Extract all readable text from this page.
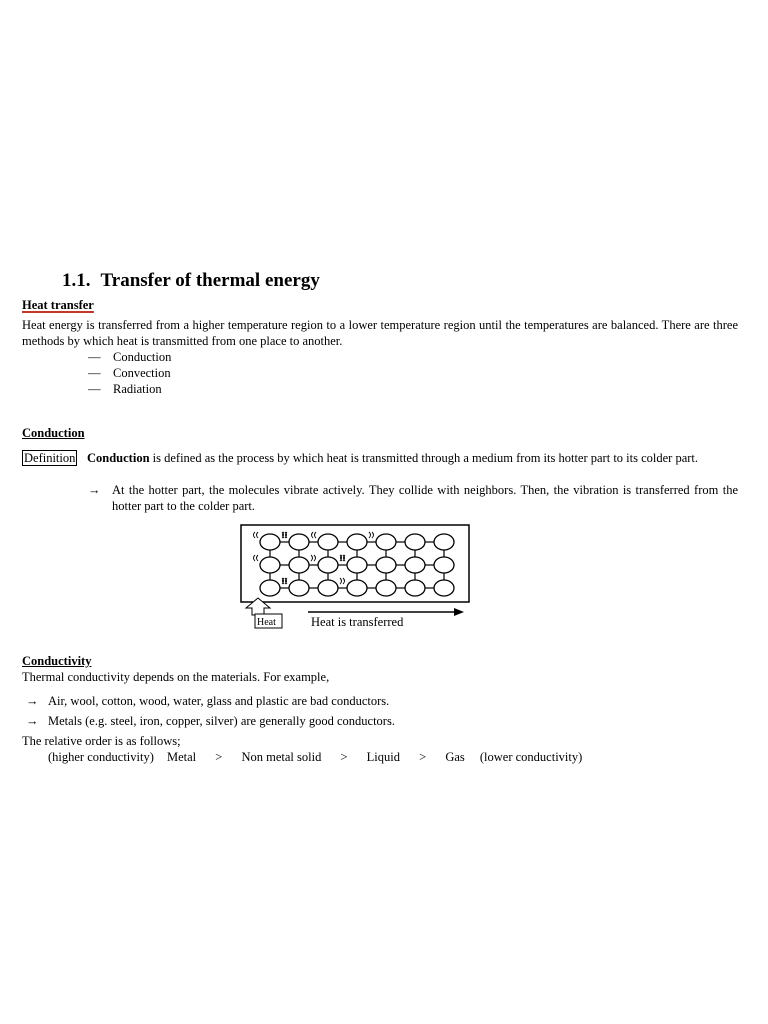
1.1. Transfer of thermal energy
Heat transfer
Heat energy is transferred from a higher temperature region to a lower temperature region until the temperatures are balanced. There are three methods by which heat is transmitted from one place to another.
— Conduction
— Convection
— Radiation
Conduction
Definition Conduction is defined as the process by which heat is transmitted through a medium from its hotter part to its colder part.
→ At the hotter part, the molecules vibrate actively. They collide with neighbors. Then, the vibration is transferred from the hotter part to the colder part.
Heat	Heat is transferred
Conductivity
Thermal conductivity depends on the materials. For example,
→ Air, wool, cotton, wood, water, glass and plastic are bad conductors.
→ Metals (e.g. steel, iron, copper, silver) are generally good conductors.
The relative order is as follows;
(higher conductivity) Metal > Non metal solid > Liquid > Gas (lower conductivity)
